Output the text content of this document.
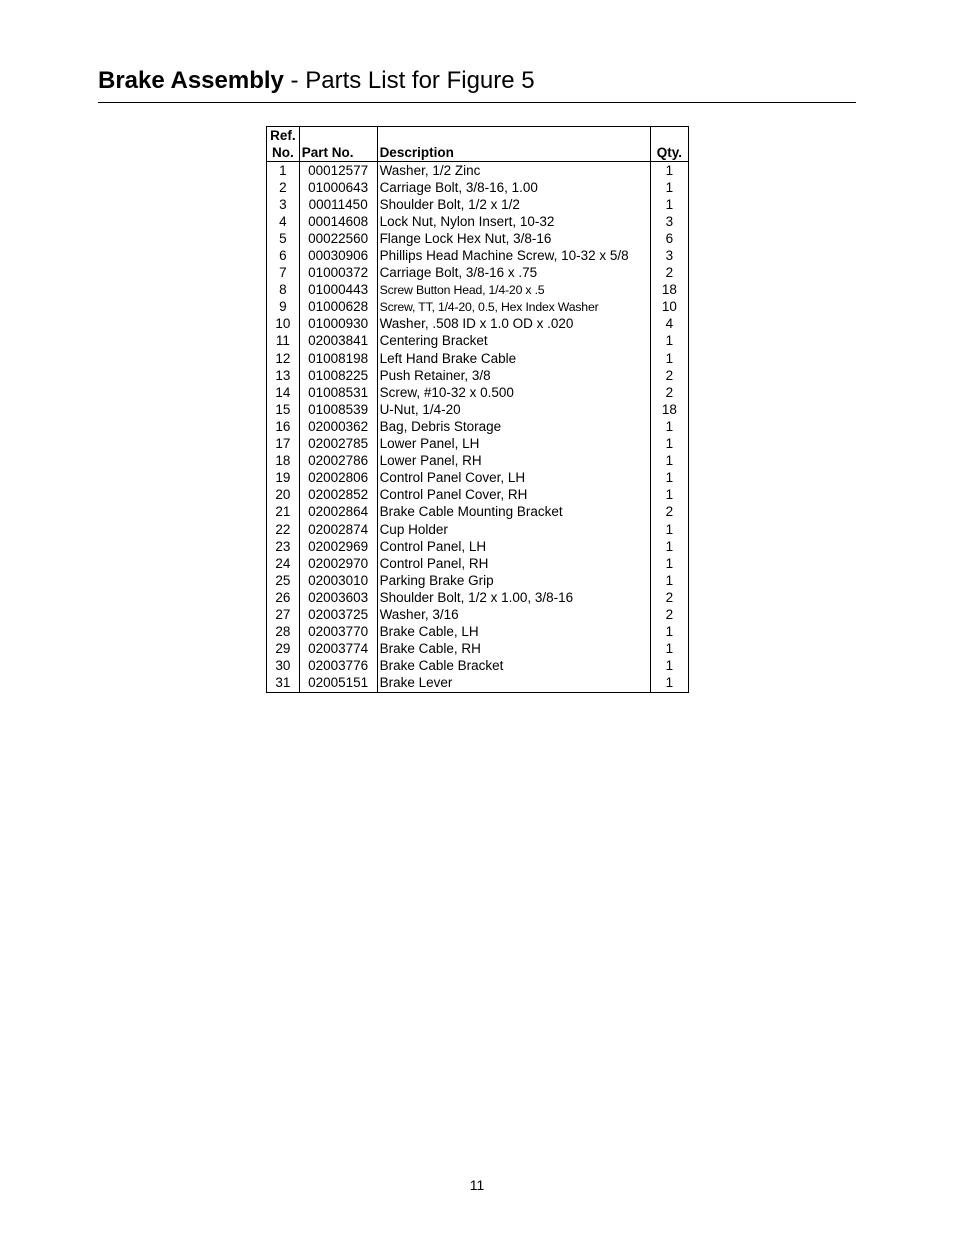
Brake Assembly - Parts List for Figure 5
Ref.
No.	Part No.	Description	Qty.
1	00012577	Washer, 1/2 Zinc	1
2	01000643	Carriage Bolt, 3/8-16, 1.00	1
3	00011450	Shoulder Bolt, 1/2 x 1/2	1
4	00014608	Lock Nut, Nylon Insert, 10-32	3
5	00022560	Flange Lock Hex Nut, 3/8-16	6
6	00030906	Phillips Head Machine Screw, 10-32 x 5/8	3
7	01000372	Carriage Bolt, 3/8-16 x .75	2
8	01000443	Screw Button Head, 1/4-20 x .5	18
9	01000628	Screw, TT, 1/4-20, 0.5, Hex Index Washer	10
10	01000930	Washer, .508 ID x 1.0 OD x .020	4
11	02003841	Centering Bracket	1
12	01008198	Left Hand Brake Cable	1
13	01008225	Push Retainer, 3/8	2
14	01008531	Screw, #10-32 x 0.500	2
15	01008539	U-Nut, 1/4-20	18
16	02000362	Bag, Debris Storage	1
17	02002785	Lower Panel, LH	1
18	02002786	Lower Panel, RH	1
19	02002806	Control Panel Cover, LH	1
20	02002852	Control Panel Cover, RH	1
21	02002864	Brake Cable Mounting Bracket	2
22	02002874	Cup Holder	1
23	02002969	Control Panel, LH	1
24	02002970	Control Panel, RH	1
25	02003010	Parking Brake Grip	1
26	02003603	Shoulder Bolt, 1/2 x 1.00, 3/8-16	2
27	02003725	Washer, 3/16	2
28	02003770	Brake Cable, LH	1
29	02003774	Brake Cable, RH	1
30	02003776	Brake Cable Bracket	1
31	02005151	Brake Lever	1
11
